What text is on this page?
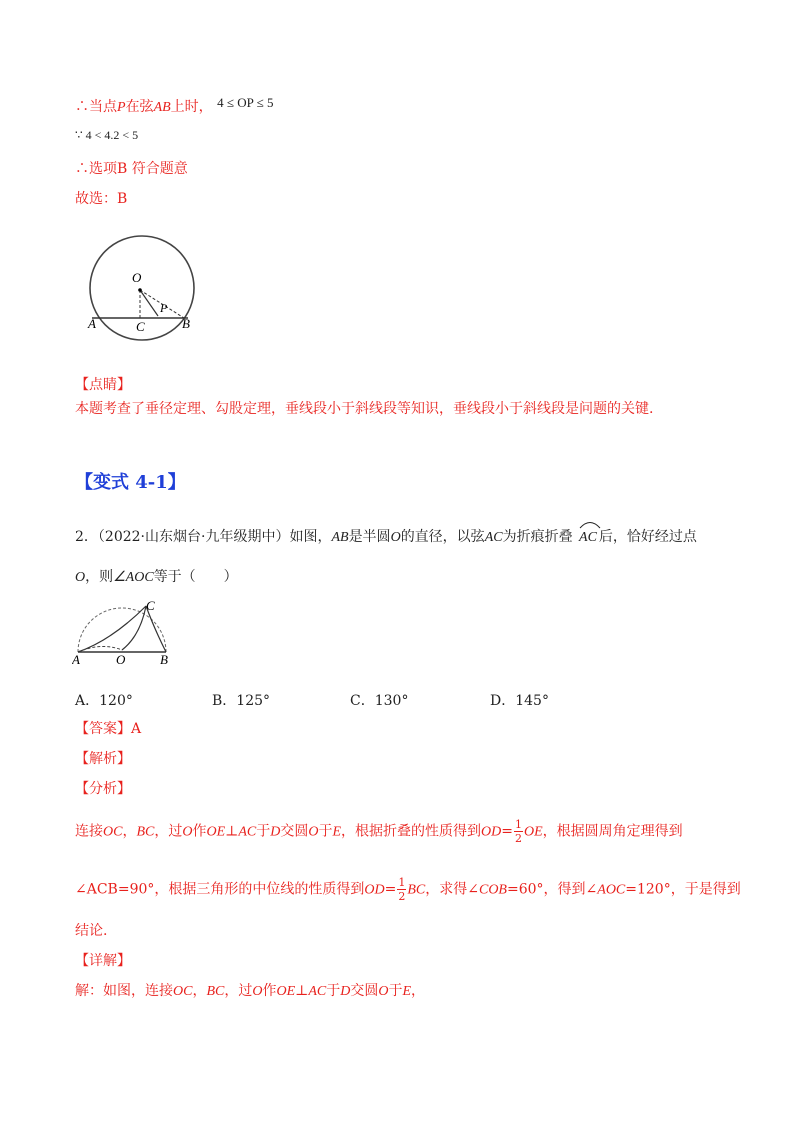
∴当点P在弦AB上时， 4 ≤ OP ≤ 5
∵ 4 < 4.2 < 5
∴选项B 符合题意
故选：B
O
P
A	C	B
【点睛】
本题考查了垂径定理、勾股定理，垂线段小于斜线段等知识，垂线段小于斜线段是问题的关键.
【变式 4-1】
2．（2022·山东烟台·九年级期中）如图，AB是半圆O的直径，以弦AC为折痕折叠 AC 后，恰好经过点
O，则∠AOC等于（　　）
C
A	O	B
A．120°	B．125°	C．130°	D．145°
【答案】A
【解析】
【分析】
连接OC，BC，过O作OE⊥AC于D交圆O于E，根据折叠的性质得到$OD= \frac{1}{2}$ OE，根据圆周角定理得到
∠ACB=90°，根据三角形的中位线的性质得到$OD= \frac{1}{2}$ BC，求得∠COB=60°，得到∠AOC=120°，于是得到
结论.
【详解】
解：如图，连接OC，BC，过O作OE⊥AC于D交圆O于E，
